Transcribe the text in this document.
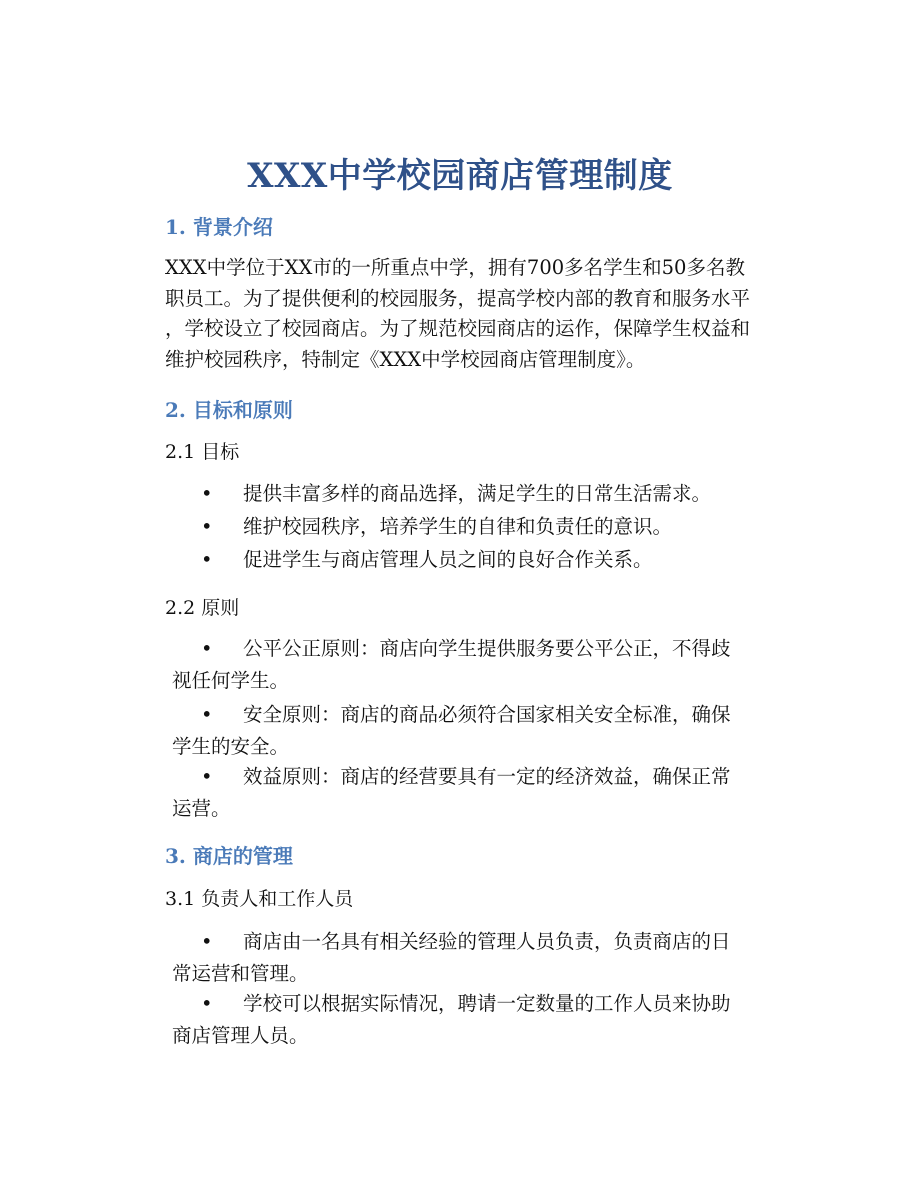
XXX中学校园商店管理制度
1. 背景介绍
XXX中学位于XX市的一所重点中学，拥有700多名学生和50多名教
职员工。为了提供便利的校园服务，提高学校内部的教育和服务水平
，学校设立了校园商店。为了规范校园商店的运作，保障学生权益和
维护校园秩序，特制定《XXX中学校园商店管理制度》。
2. 目标和原则
2.1 目标
•	提供丰富多样的商品选择，满足学生的日常生活需求。
•	维护校园秩序，培养学生的自律和负责任的意识。
•	促进学生与商店管理人员之间的良好合作关系。
2.2 原则
•	公平公正原则：商店向学生提供服务要公平公正，不得歧
视任何学生。
•	安全原则：商店的商品必须符合国家相关安全标准，确保
学生的安全。
•	效益原则：商店的经营要具有一定的经济效益，确保正常
运营。
3. 商店的管理
3.1 负责人和工作人员
•	商店由一名具有相关经验的管理人员负责，负责商店的日
常运营和管理。
•	学校可以根据实际情况，聘请一定数量的工作人员来协助
商店管理人员。
